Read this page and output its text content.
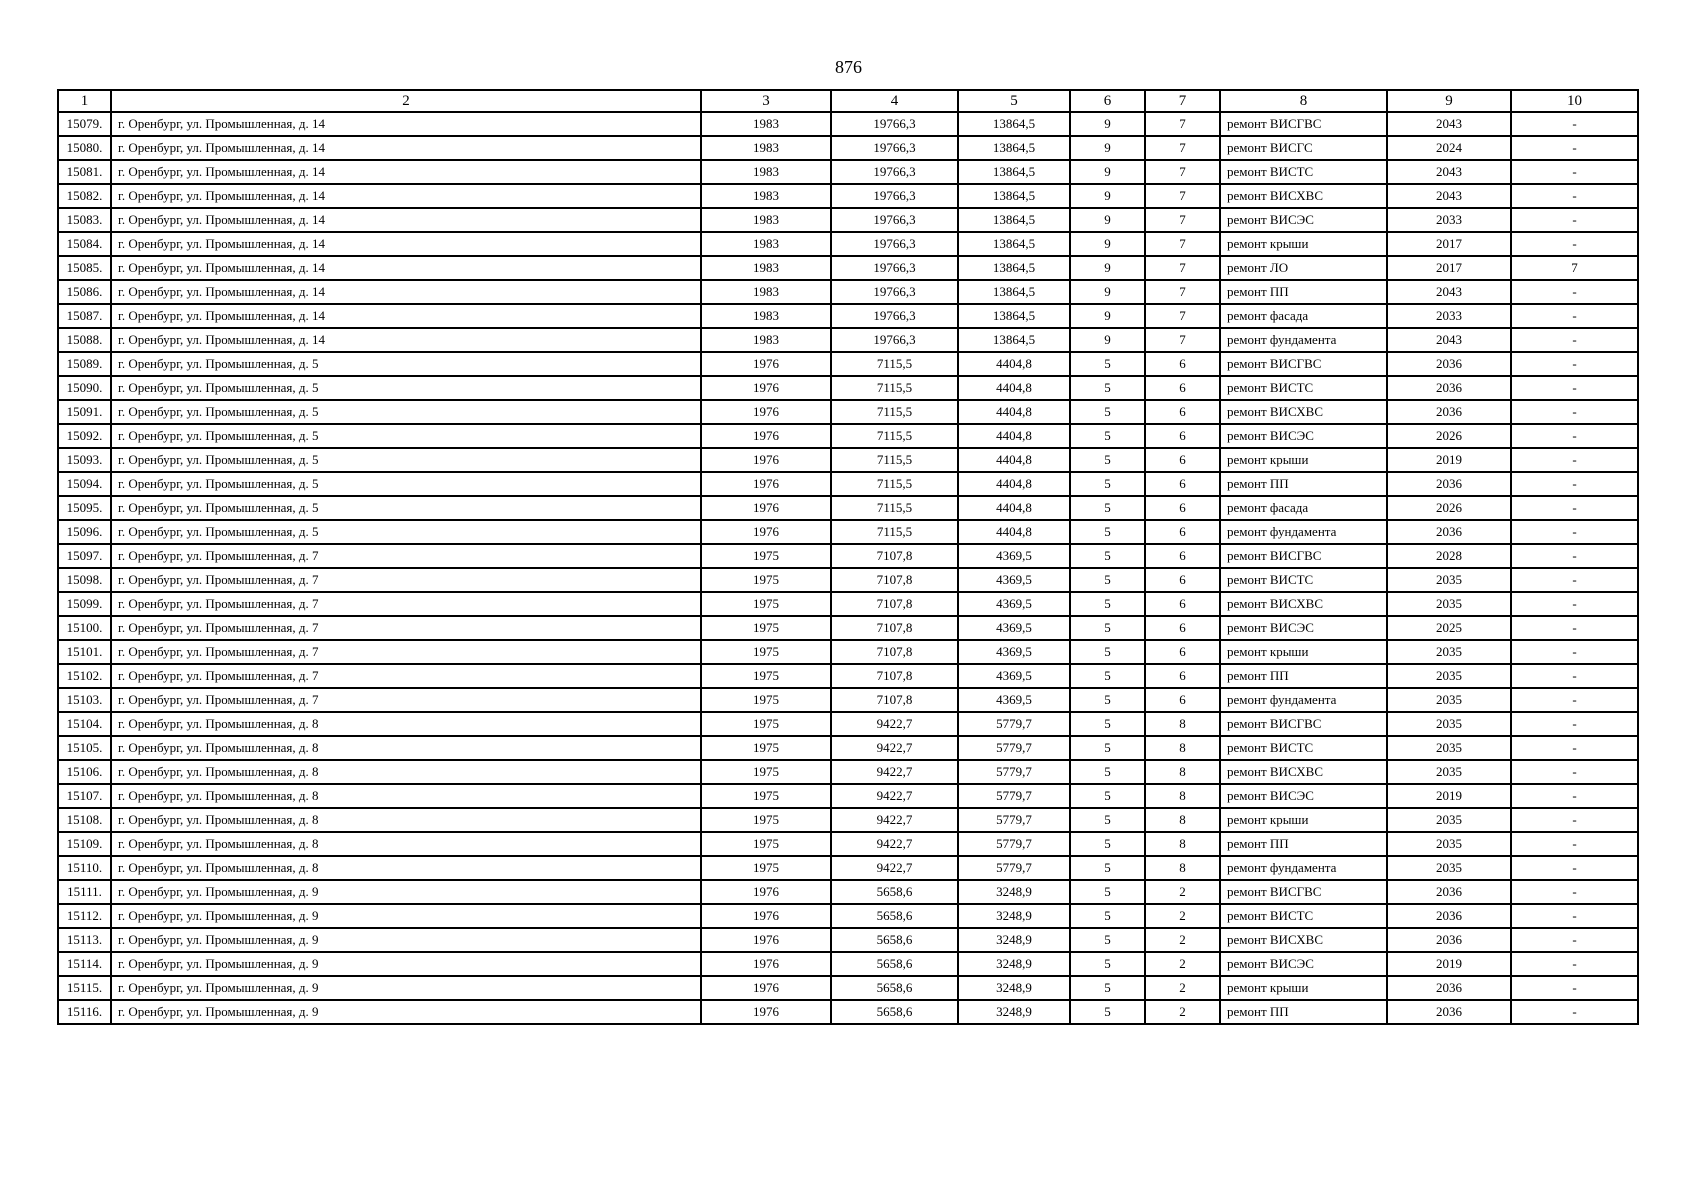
876
1	2	3	4	5	6	7	8	9	10
15079.	г. Оренбург, ул. Промышленная, д. 14	1983	19766,3	13864,5	9	7	ремонт ВИСГВС	2043	-
15080.	г. Оренбург, ул. Промышленная, д. 14	1983	19766,3	13864,5	9	7	ремонт ВИСГС	2024	-
15081.	г. Оренбург, ул. Промышленная, д. 14	1983	19766,3	13864,5	9	7	ремонт ВИСТС	2043	-
15082.	г. Оренбург, ул. Промышленная, д. 14	1983	19766,3	13864,5	9	7	ремонт ВИСХВС	2043	-
15083.	г. Оренбург, ул. Промышленная, д. 14	1983	19766,3	13864,5	9	7	ремонт ВИСЭС	2033	-
15084.	г. Оренбург, ул. Промышленная, д. 14	1983	19766,3	13864,5	9	7	ремонт крыши	2017	-
15085.	г. Оренбург, ул. Промышленная, д. 14	1983	19766,3	13864,5	9	7	ремонт ЛО	2017	7
15086.	г. Оренбург, ул. Промышленная, д. 14	1983	19766,3	13864,5	9	7	ремонт ПП	2043	-
15087.	г. Оренбург, ул. Промышленная, д. 14	1983	19766,3	13864,5	9	7	ремонт фасада	2033	-
15088.	г. Оренбург, ул. Промышленная, д. 14	1983	19766,3	13864,5	9	7	ремонт фундамента	2043	-
15089.	г. Оренбург, ул. Промышленная, д. 5	1976	7115,5	4404,8	5	6	ремонт ВИСГВС	2036	-
15090.	г. Оренбург, ул. Промышленная, д. 5	1976	7115,5	4404,8	5	6	ремонт ВИСТС	2036	-
15091.	г. Оренбург, ул. Промышленная, д. 5	1976	7115,5	4404,8	5	6	ремонт ВИСХВС	2036	-
15092.	г. Оренбург, ул. Промышленная, д. 5	1976	7115,5	4404,8	5	6	ремонт ВИСЭС	2026	-
15093.	г. Оренбург, ул. Промышленная, д. 5	1976	7115,5	4404,8	5	6	ремонт крыши	2019	-
15094.	г. Оренбург, ул. Промышленная, д. 5	1976	7115,5	4404,8	5	6	ремонт ПП	2036	-
15095.	г. Оренбург, ул. Промышленная, д. 5	1976	7115,5	4404,8	5	6	ремонт фасада	2026	-
15096.	г. Оренбург, ул. Промышленная, д. 5	1976	7115,5	4404,8	5	6	ремонт фундамента	2036	-
15097.	г. Оренбург, ул. Промышленная, д. 7	1975	7107,8	4369,5	5	6	ремонт ВИСГВС	2028	-
15098.	г. Оренбург, ул. Промышленная, д. 7	1975	7107,8	4369,5	5	6	ремонт ВИСТС	2035	-
15099.	г. Оренбург, ул. Промышленная, д. 7	1975	7107,8	4369,5	5	6	ремонт ВИСХВС	2035	-
15100.	г. Оренбург, ул. Промышленная, д. 7	1975	7107,8	4369,5	5	6	ремонт ВИСЭС	2025	-
15101.	г. Оренбург, ул. Промышленная, д. 7	1975	7107,8	4369,5	5	6	ремонт крыши	2035	-
15102.	г. Оренбург, ул. Промышленная, д. 7	1975	7107,8	4369,5	5	6	ремонт ПП	2035	-
15103.	г. Оренбург, ул. Промышленная, д. 7	1975	7107,8	4369,5	5	6	ремонт фундамента	2035	-
15104.	г. Оренбург, ул. Промышленная, д. 8	1975	9422,7	5779,7	5	8	ремонт ВИСГВС	2035	-
15105.	г. Оренбург, ул. Промышленная, д. 8	1975	9422,7	5779,7	5	8	ремонт ВИСТС	2035	-
15106.	г. Оренбург, ул. Промышленная, д. 8	1975	9422,7	5779,7	5	8	ремонт ВИСХВС	2035	-
15107.	г. Оренбург, ул. Промышленная, д. 8	1975	9422,7	5779,7	5	8	ремонт ВИСЭС	2019	-
15108.	г. Оренбург, ул. Промышленная, д. 8	1975	9422,7	5779,7	5	8	ремонт крыши	2035	-
15109.	г. Оренбург, ул. Промышленная, д. 8	1975	9422,7	5779,7	5	8	ремонт ПП	2035	-
15110.	г. Оренбург, ул. Промышленная, д. 8	1975	9422,7	5779,7	5	8	ремонт фундамента	2035	-
15111.	г. Оренбург, ул. Промышленная, д. 9	1976	5658,6	3248,9	5	2	ремонт ВИСГВС	2036	-
15112.	г. Оренбург, ул. Промышленная, д. 9	1976	5658,6	3248,9	5	2	ремонт ВИСТС	2036	-
15113.	г. Оренбург, ул. Промышленная, д. 9	1976	5658,6	3248,9	5	2	ремонт ВИСХВС	2036	-
15114.	г. Оренбург, ул. Промышленная, д. 9	1976	5658,6	3248,9	5	2	ремонт ВИСЭС	2019	-
15115.	г. Оренбург, ул. Промышленная, д. 9	1976	5658,6	3248,9	5	2	ремонт крыши	2036	-
15116.	г. Оренбург, ул. Промышленная, д. 9	1976	5658,6	3248,9	5	2	ремонт ПП	2036	-
